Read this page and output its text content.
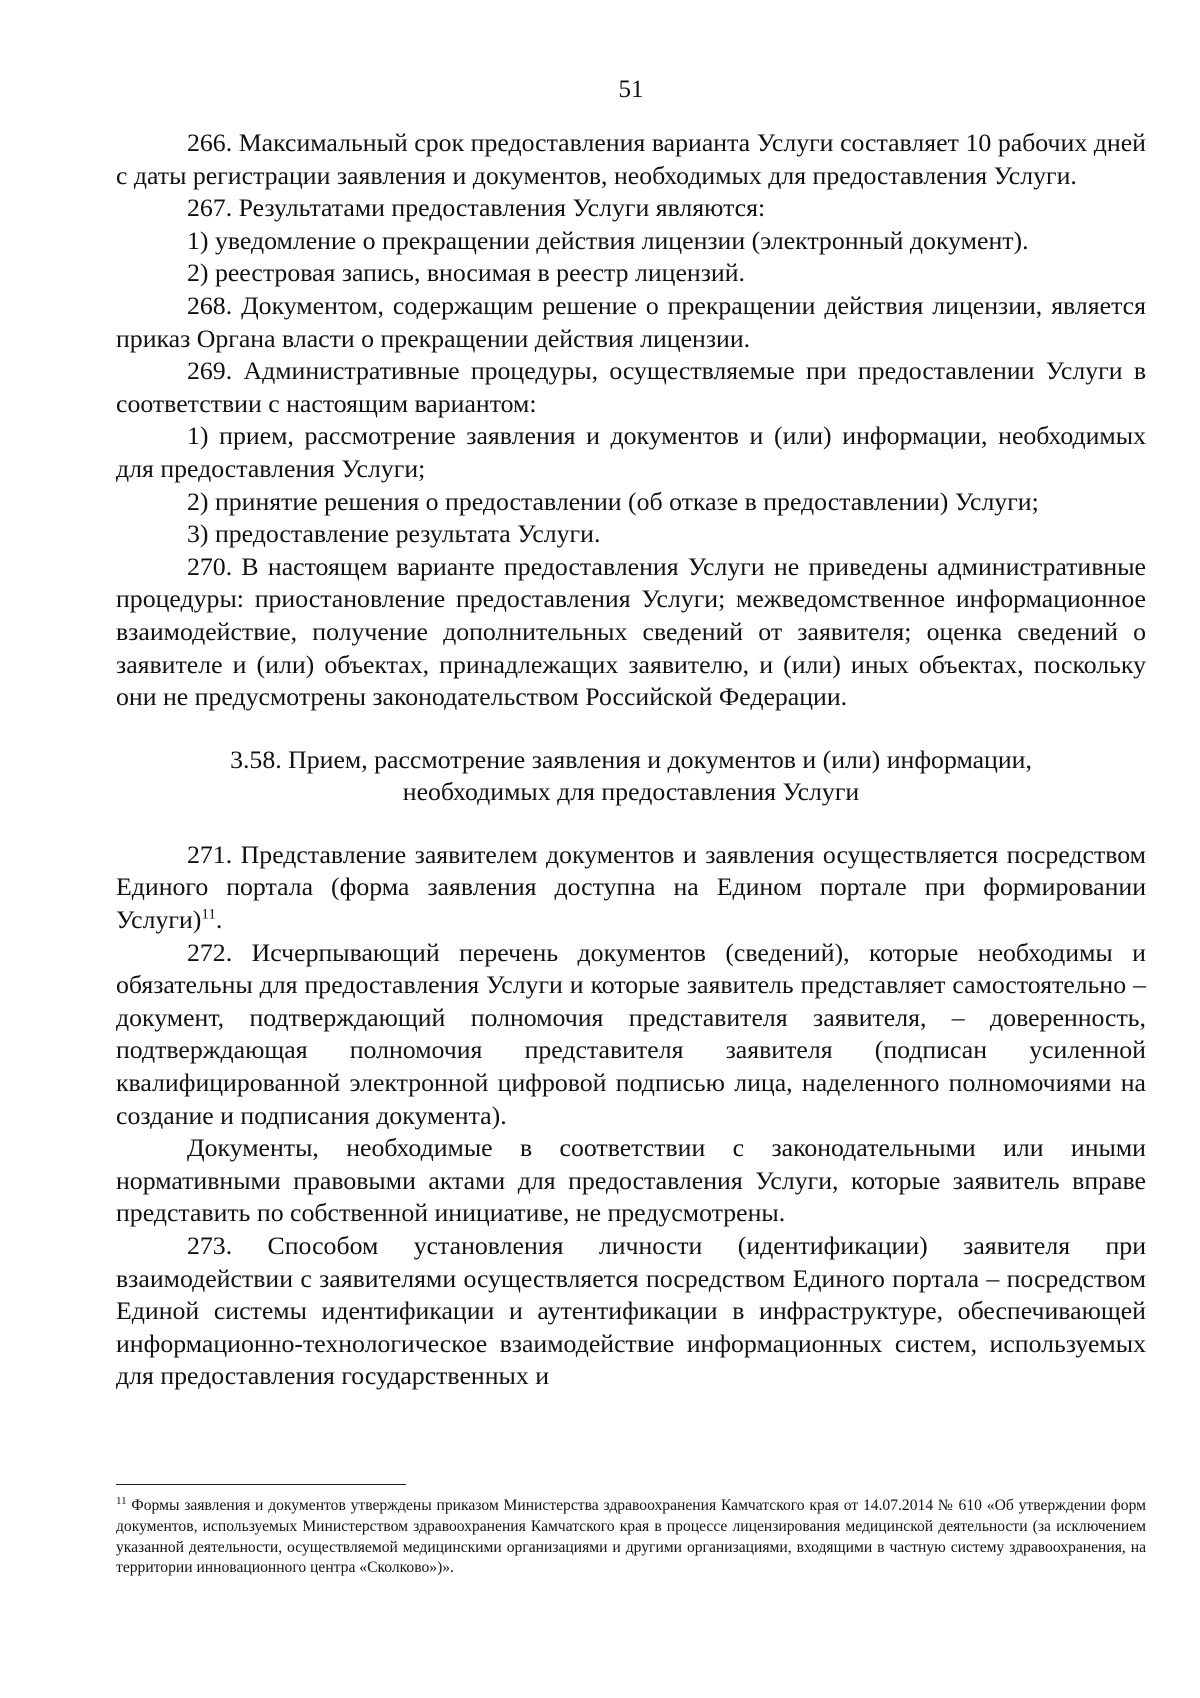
51

266. Максимальный срок предоставления варианта Услуги составляет 10 рабочих дней с даты регистрации заявления и документов, необходимых для предоставления Услуги.

267. Результатами предоставления Услуги являются:

1) уведомление о прекращении действия лицензии (электронный документ).

2) реестровая запись, вносимая в реестр лицензий.

268. Документом, содержащим решение о прекращении действия лицензии, является приказ Органа власти о прекращении действия лицензии.

269. Административные процедуры, осуществляемые при предоставлении Услуги в соответствии с настоящим вариантом:

1) прием, рассмотрение заявления и документов и (или) информации, необходимых для предоставления Услуги;

2) принятие решения о предоставлении (об отказе в предоставлении) Услуги;

3) предоставление результата Услуги.

270. В настоящем варианте предоставления Услуги не приведены административные процедуры: приостановление предоставления Услуги; межведомственное информационное взаимодействие, получение дополнительных сведений от заявителя; оценка сведений о заявителе и (или) объектах, принадлежащих заявителю, и (или) иных объектах, поскольку они не предусмотрены законодательством Российской Федерации.

3.58. Прием, рассмотрение заявления и документов и (или) информации,
необходимых для предоставления Услуги

271. Представление заявителем документов и заявления осуществляется посредством Единого портала (форма заявления доступна на Едином портале при формировании Услуги)$^{11}$.

272. Исчерпывающий перечень документов (сведений), которые необходимы и обязательны для предоставления Услуги и которые заявитель представляет самостоятельно – документ, подтверждающий полномочия представителя заявителя, – доверенность, подтверждающая полномочия представителя заявителя (подписан усиленной квалифицированной электронной цифровой подписью лица, наделенного полномочиями на создание и подписания документа).

Документы, необходимые в соответствии с законодательными или иными нормативными правовыми актами для предоставления Услуги, которые заявитель вправе представить по собственной инициативе, не предусмотрены.

273. Способом установления личности (идентификации) заявителя при взаимодействии с заявителями осуществляется посредством Единого портала – посредством Единой системы идентификации и аутентификации в инфраструктуре, обеспечивающей информационно-технологическое взаимодействие информационных систем, используемых для предоставления государственных и

$^{11}$ Формы заявления и документов утверждены приказом Министерства здравоохранения Камчатского края от 14.07.2014 № 610 «Об утверждении форм документов, используемых Министерством здравоохранения Камчатского края в процессе лицензирования медицинской деятельности (за исключением указанной деятельности, осуществляемой медицинскими организациями и другими организациями, входящими в частную систему здравоохранения, на территории инновационного центра «Сколково»)».
